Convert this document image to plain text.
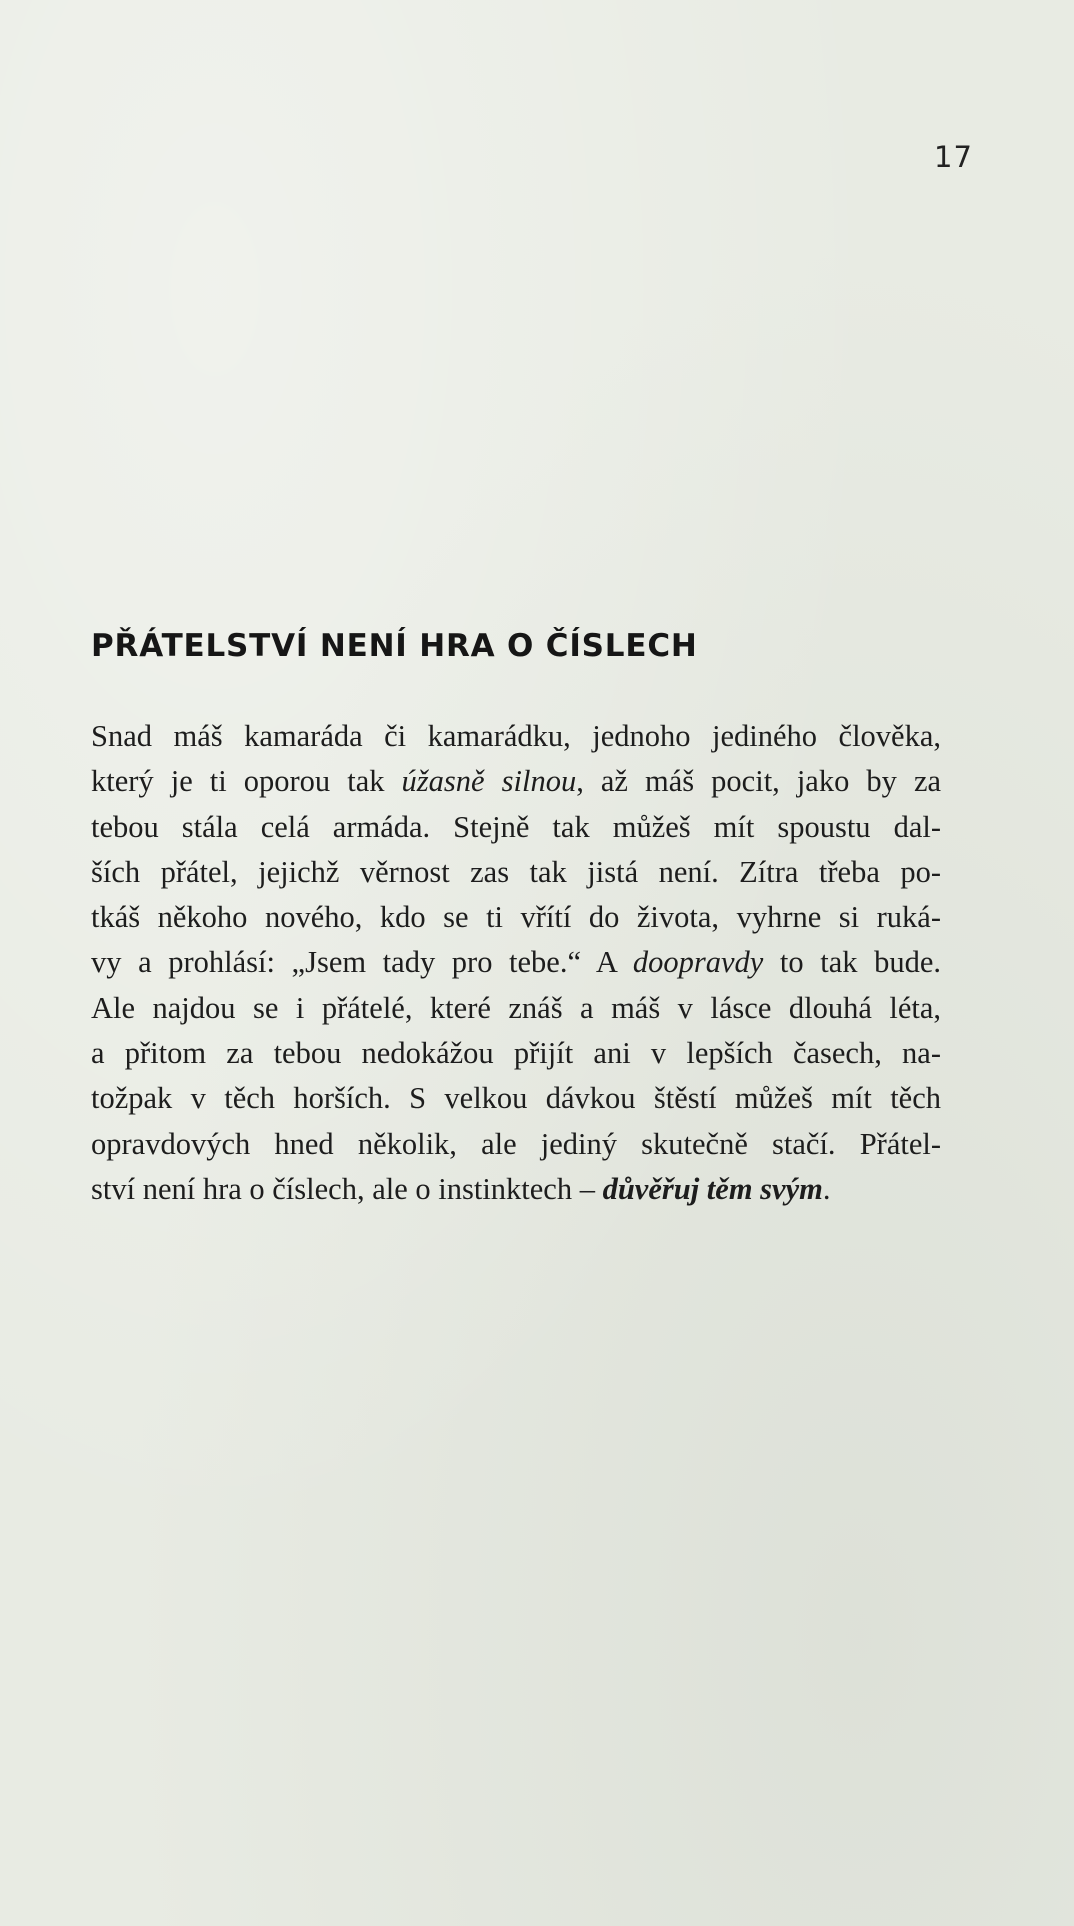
17
PŘÁTELSTVÍ NENÍ HRA O ČÍSLECH
Snad máš kamaráda či kamarádku, jednoho jediného člověka,
který je ti oporou tak úžasně silnou, až máš pocit, jako by za
tebou stála celá armáda. Stejně tak můžeš mít spoustu dal-
ších přátel, jejichž věrnost zas tak jistá není. Zítra třeba po-
tkáš někoho nového, kdo se ti vřítí do života, vyhrne si ruká-
vy a prohlásí: „Jsem tady pro tebe.“ A doopravdy to tak bude.
Ale najdou se i přátelé, které znáš a máš v lásce dlouhá léta,
a přitom za tebou nedokážou přijít ani v lepších časech, na-
tožpak v těch horších. S velkou dávkou štěstí můžeš mít těch
opravdových hned několik, ale jediný skutečně stačí. Přátel-
ství není hra o číslech, ale o instinktech – důvěřuj těm svým.
